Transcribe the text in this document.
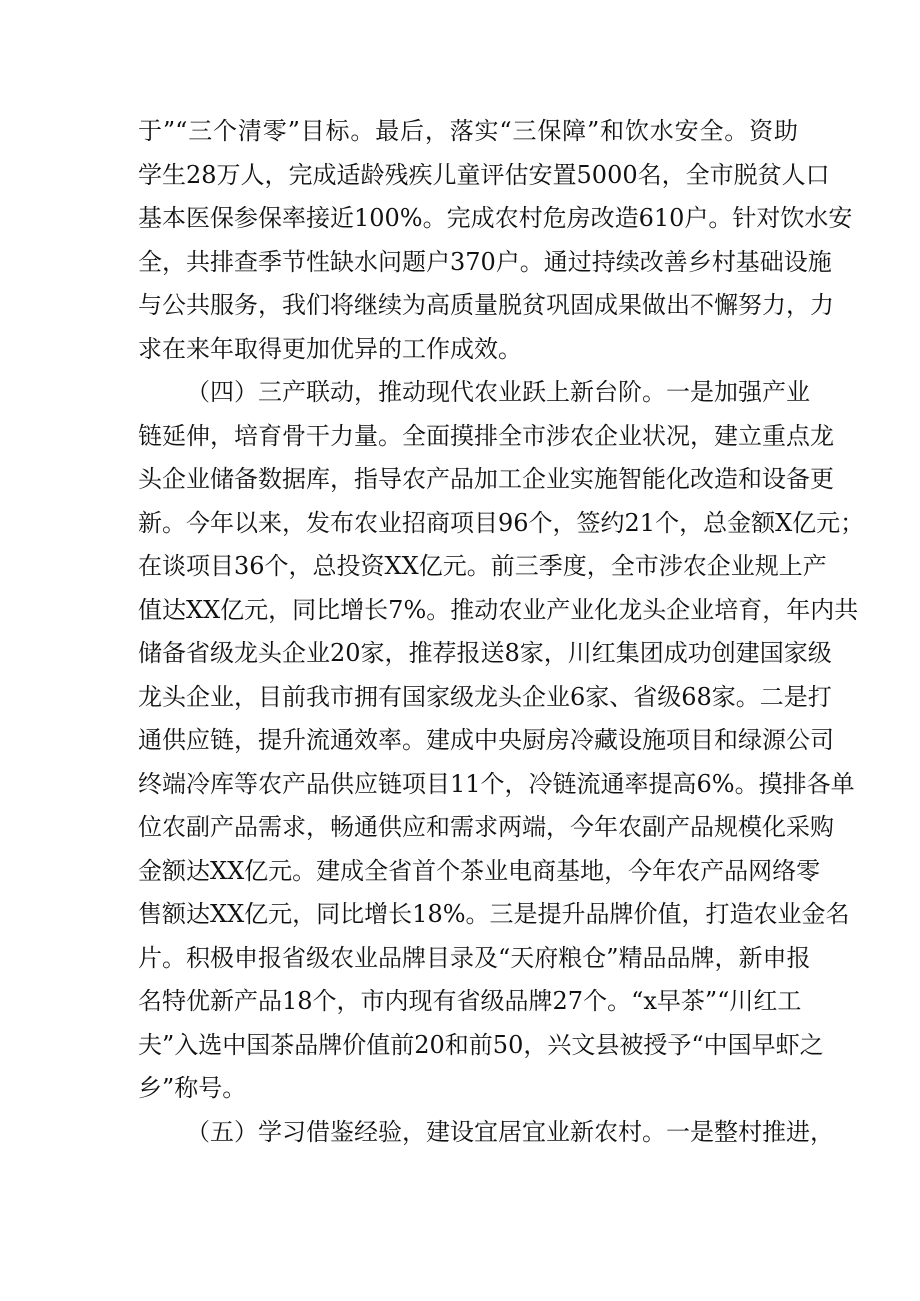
于”“三个清零”目标。最后，落实“三保障”和饮水安全。资助
学生28万人，完成适龄残疾儿童评估安置5000名，全市脱贫人口
基本医保参保率接近100%。完成农村危房改造610户。针对饮水安
全，共排查季节性缺水问题户370户。通过持续改善乡村基础设施
与公共服务，我们将继续为高质量脱贫巩固成果做出不懈努力，力
求在来年取得更加优异的工作成效。
（四）三产联动，推动现代农业跃上新台阶。一是加强产业
链延伸，培育骨干力量。全面摸排全市涉农企业状况，建立重点龙
头企业储备数据库，指导农产品加工企业实施智能化改造和设备更
新。今年以来，发布农业招商项目96个，签约21个，总金额X亿元；
在谈项目36个，总投资XX亿元。前三季度，全市涉农企业规上产
值达XX亿元，同比增长7%。推动农业产业化龙头企业培育，年内共
储备省级龙头企业20家，推荐报送8家，川红集团成功创建国家级
龙头企业，目前我市拥有国家级龙头企业6家、省级68家。二是打
通供应链，提升流通效率。建成中央厨房冷藏设施项目和绿源公司
终端冷库等农产品供应链项目11个，冷链流通率提高6%。摸排各单
位农副产品需求，畅通供应和需求两端，今年农副产品规模化采购
金额达XX亿元。建成全省首个茶业电商基地，今年农产品网络零
售额达XX亿元，同比增长18%。三是提升品牌价值，打造农业金名
片。积极申报省级农业品牌目录及“天府粮仓”精品品牌，新申报
名特优新产品18个，市内现有省级品牌27个。“x早茶”“川红工
夫”入选中国茶品牌价值前20和前50，兴文县被授予“中国早虾之
乡”称号。
（五）学习借鉴经验，建设宜居宜业新农村。一是整村推进，
